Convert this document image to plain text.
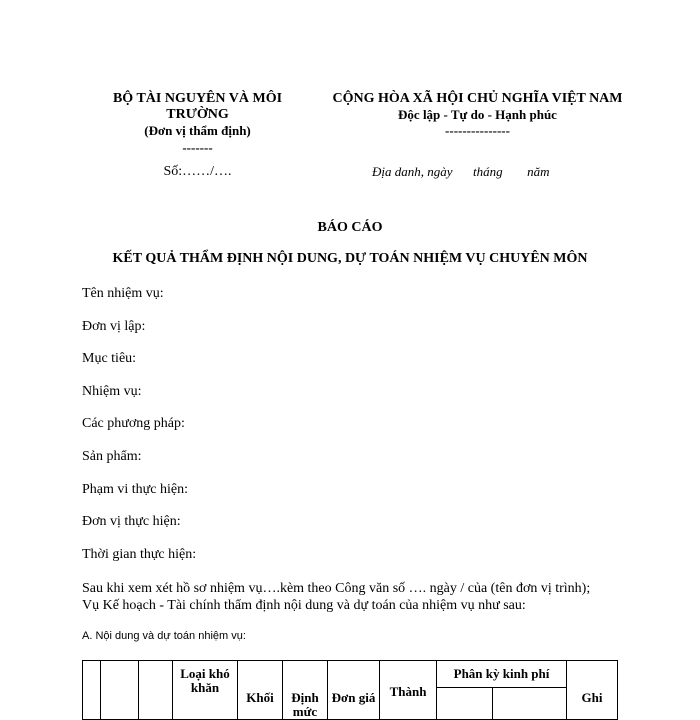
BỘ TÀI NGUYÊN VÀ MÔI
TRƯỜNG
(Đơn vị thẩm định)
-------
Số:……/….
CỘNG HÒA XÃ HỘI CHỦ NGHĨA VIỆT NAM
Độc lập - Tự do - Hạnh phúc
---------------
Địa danh, ngày tháng năm
BÁO CÁO
KẾT QUẢ THẨM ĐỊNH NỘI DUNG, DỰ TOÁN NHIỆM VỤ CHUYÊN MÔN
Tên nhiệm vụ:
Đơn vị lập:
Mục tiêu:
Nhiệm vụ:
Các phương pháp:
Sản phẩm:
Phạm vi thực hiện:
Đơn vị thực hiện:
Thời gian thực hiện:
Sau khi xem xét hồ sơ nhiệm vụ….kèm theo Công văn số …. ngày / của (tên đơn vị trình);
Vụ Kế hoạch - Tài chính thẩm định nội dung và dự toán của nhiệm vụ như sau:
A. Nội dung và dự toán nhiệm vụ:
			Loại khó khăn	Khối	Định mức	Đơn giá	Thành	Phân kỳ kinh phí		Ghi
